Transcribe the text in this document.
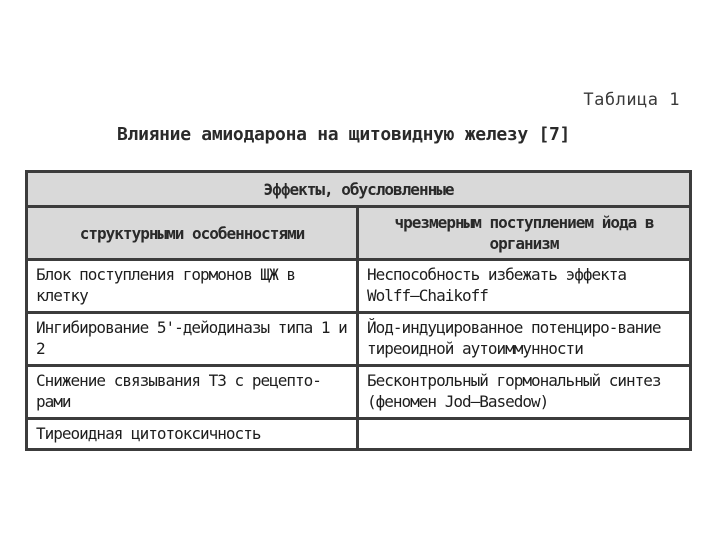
Таблица 1
Влияние амиодарона на щитовидную железу [7]
Эффекты, обусловленные	
структурными особенностями	чрезмерным поступлением йода в организм
Блок поступления гормонов ЩЖ в клетку	Неспособность избежать эффекта Wolff–Chaikoff
Ингибирование 5'-дейодиназы типа 1 и 2	Йод-индуцированное потенциро-вание тиреоидной аутоиммунности
Снижение связывания Т3 с рецепто-рами	Бесконтрольный гормональный синтез (феномен Jod–Basedow)
Тиреоидная цитотоксичность	
